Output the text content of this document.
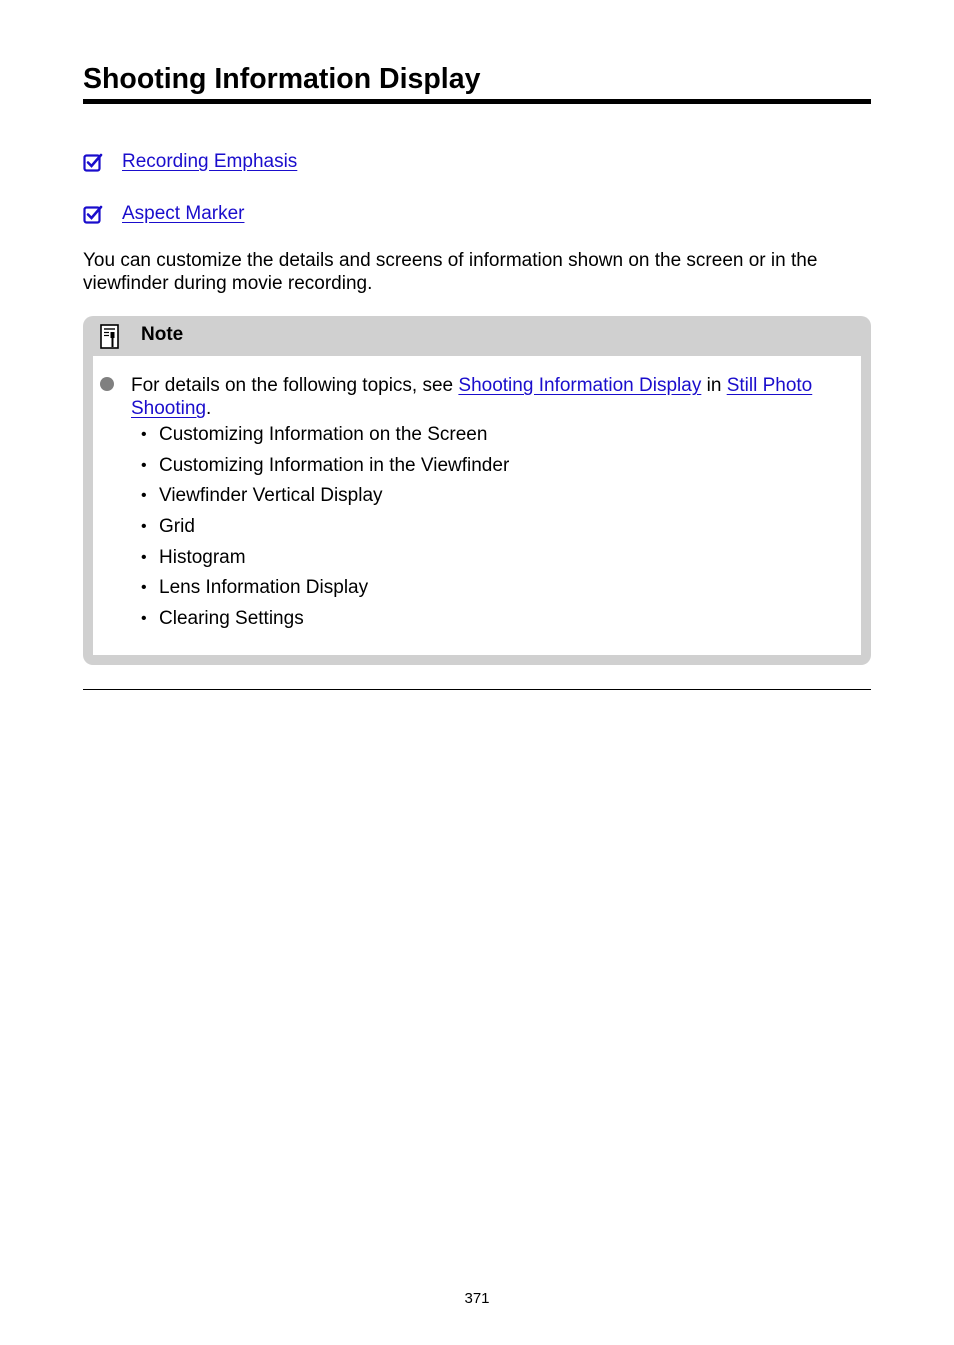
Shooting Information Display
Recording Emphasis
Aspect Marker

You can customize the details and screens of information shown on the screen or in the viewfinder during movie recording.

Note

For details on the following topics, see Shooting Information Display in Still Photo Shooting.

• Customizing Information on the Screen
• Customizing Information in the Viewfinder
• Viewfinder Vertical Display
• Grid
• Histogram
• Lens Information Display
• Clearing Settings
371
